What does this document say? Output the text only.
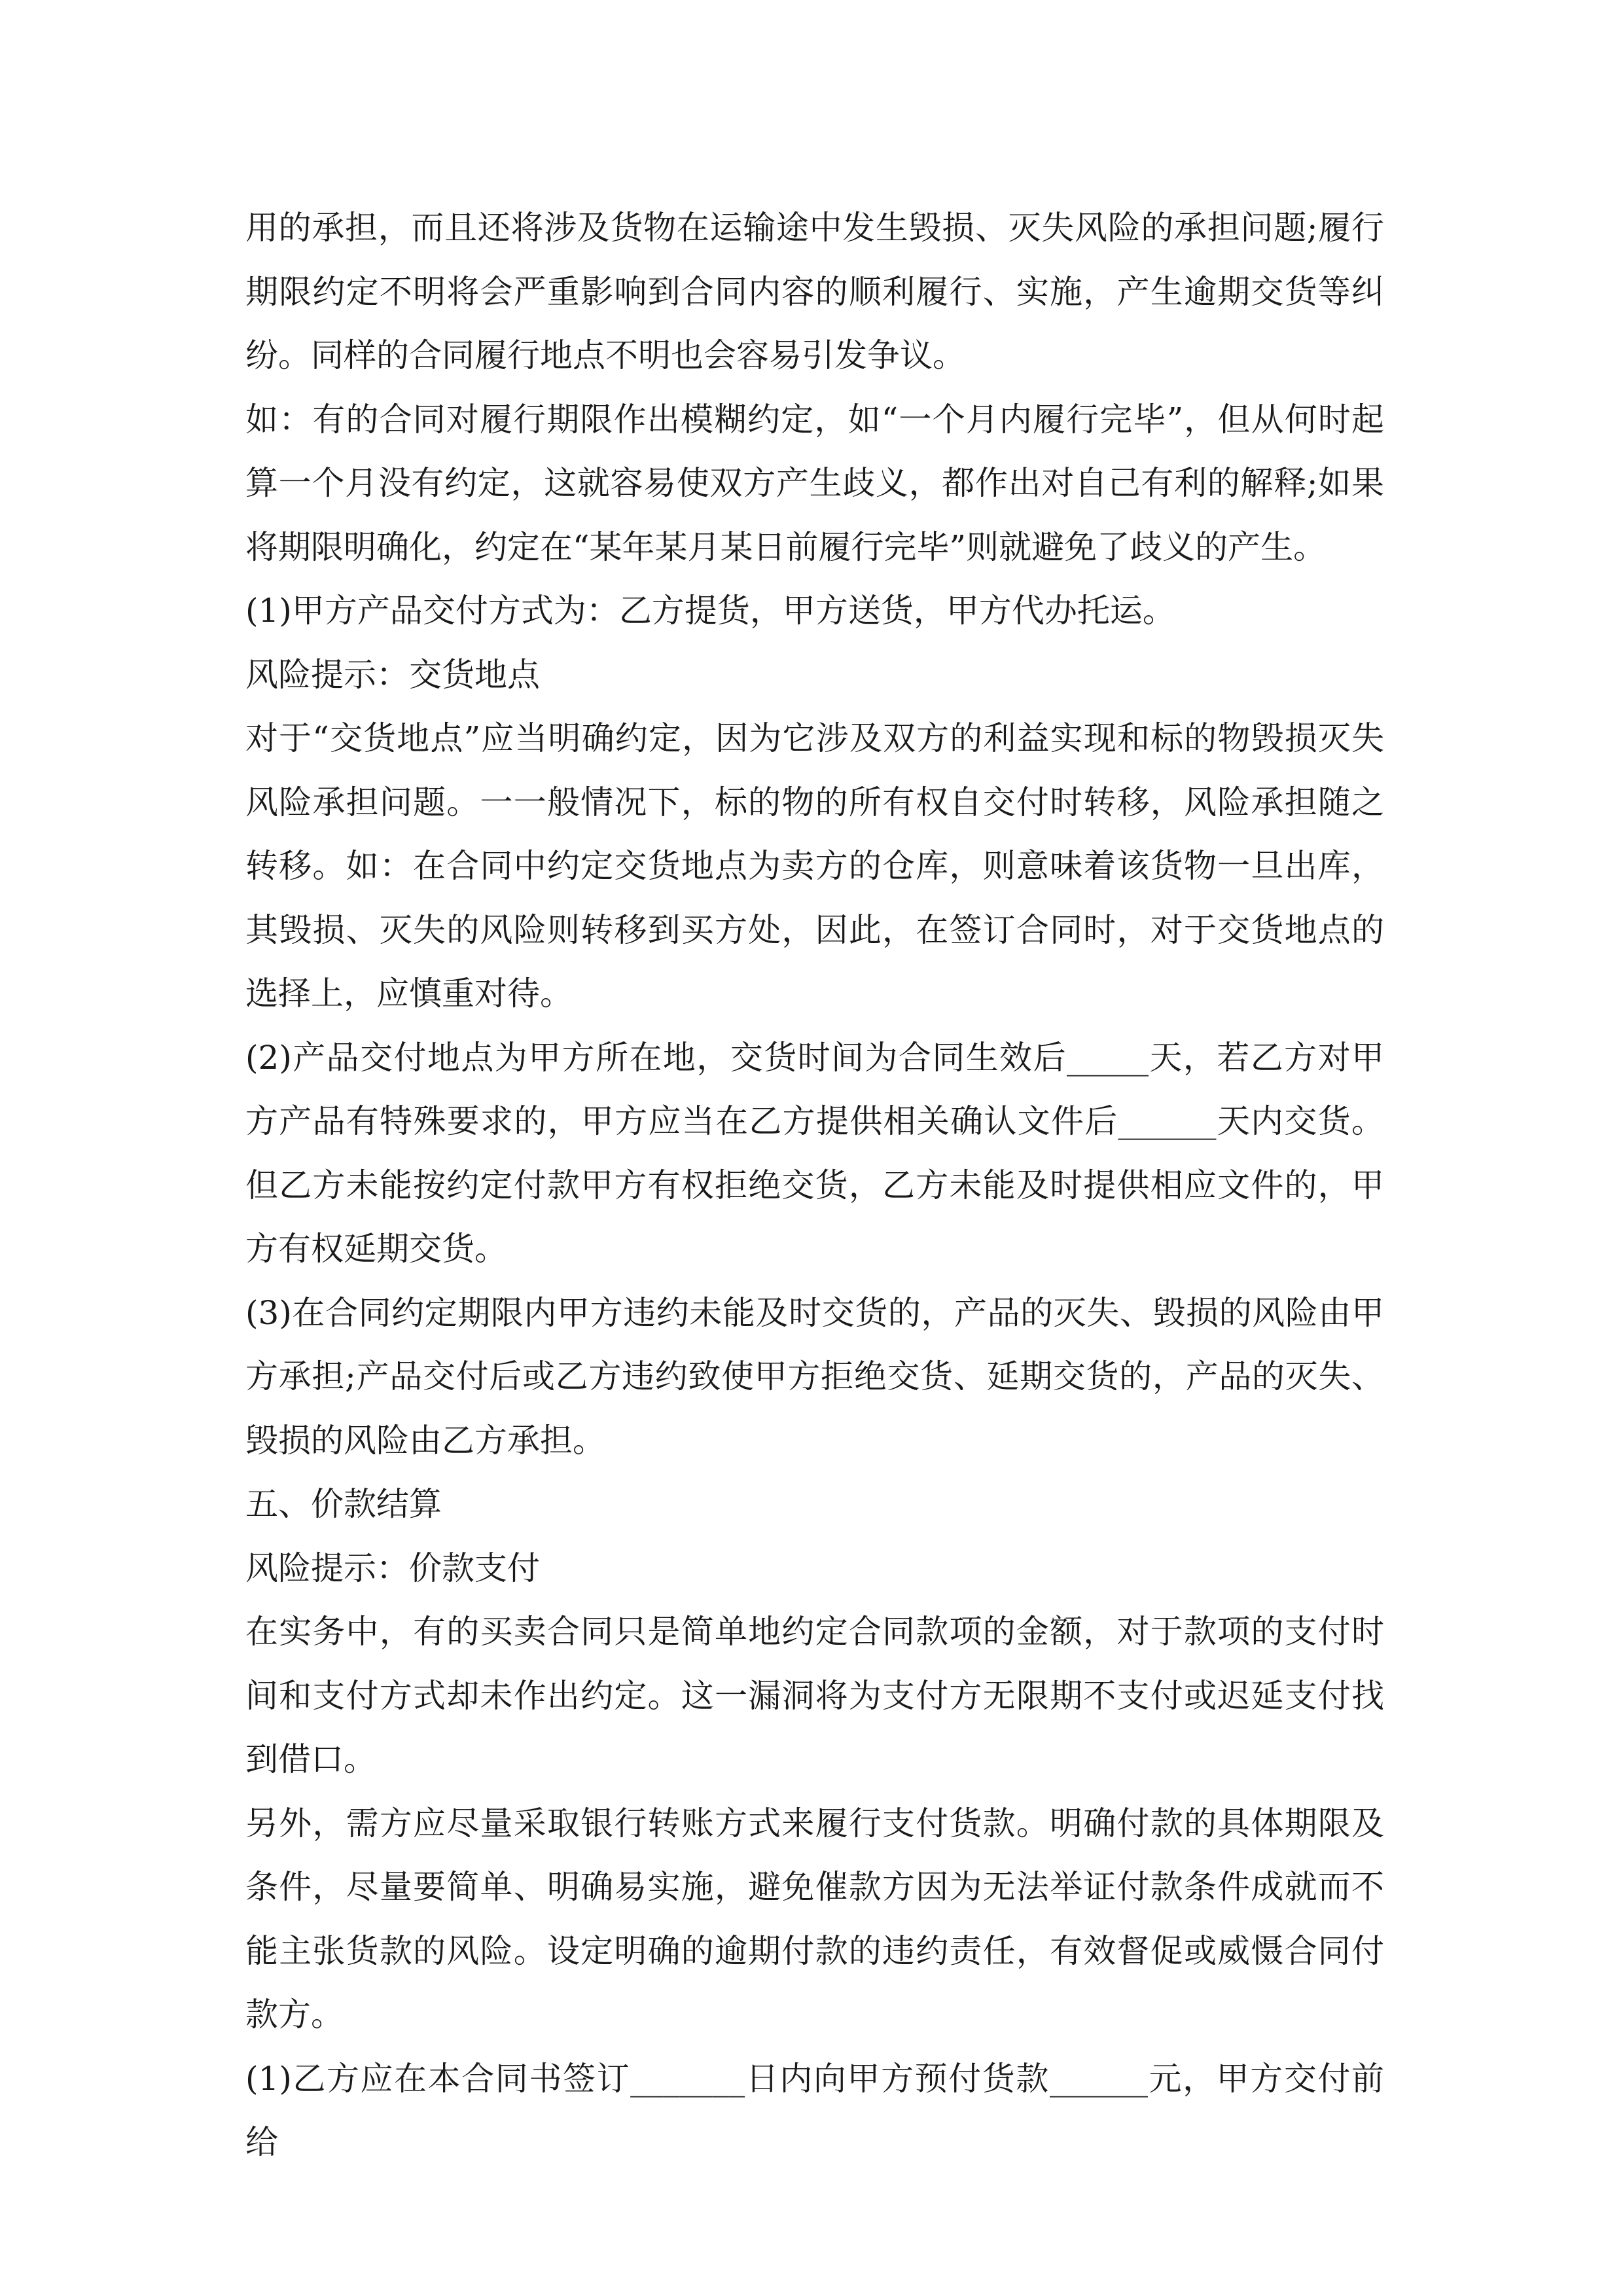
用的承担，而且还将涉及货物在运输途中发生毁损、灭失风险的承担问题;履行期限约定不明将会严重影响到合同内容的顺利履行、实施，产生逾期交货等纠纷。同样的合同履行地点不明也会容易引发争议。

如：有的合同对履行期限作出模糊约定，如“一个月内履行完毕”，但从何时起算一个月没有约定，这就容易使双方产生歧义，都作出对自己有利的解释;如果将期限明确化，约定在“某年某月某日前履行完毕”则就避免了歧义的产生。

(1)甲方产品交付方式为：乙方提货，甲方送货，甲方代办托运。

风险提示：交货地点

对于“交货地点”应当明确约定，因为它涉及双方的利益实现和标的物毁损灭失风险承担问题。一一般情况下，标的物的所有权自交付时转移，风险承担随之转移。如：在合同中约定交货地点为卖方的仓库，则意味着该货物一旦出库，其毁损、灭失的风险则转移到买方处，因此，在签订合同时，对于交货地点的选择上，应慎重对待。

(2)产品交付地点为甲方所在地，交货时间为合同生效后_____天，若乙方对甲方产品有特殊要求的，甲方应当在乙方提供相关确认文件后______天内交货。但乙方未能按约定付款甲方有权拒绝交货，乙方未能及时提供相应文件的，甲方有权延期交货。

(3)在合同约定期限内甲方违约未能及时交货的，产品的灭失、毁损的风险由甲方承担;产品交付后或乙方违约致使甲方拒绝交货、延期交货的，产品的灭失、毁损的风险由乙方承担。

五、价款结算

风险提示：价款支付

在实务中，有的买卖合同只是简单地约定合同款项的金额，对于款项的支付时间和支付方式却未作出约定。这一漏洞将为支付方无限期不支付或迟延支付找到借口。

另外，需方应尽量采取银行转账方式来履行支付货款。明确付款的具体期限及条件，尽量要简单、明确易实施，避免催款方因为无法举证付款条件成就而不能主张货款的风险。设定明确的逾期付款的违约责任，有效督促或威慑合同付款方。

(1)乙方应在本合同书签订_______日内向甲方预付货款______元，甲方交付前给
